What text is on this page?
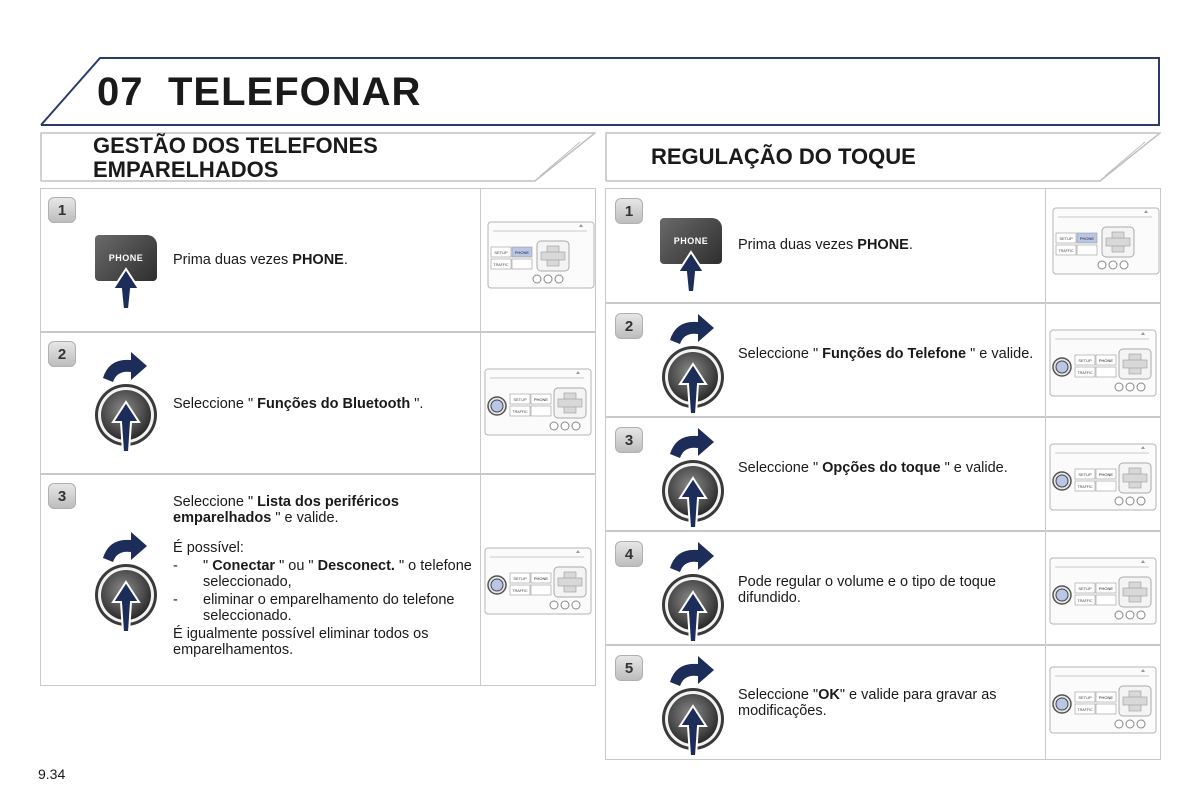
07 TELEFONAR
GESTÃO DOS TELEFONES
EMPARELHADOS
REGULAÇÃO DO TOQUE
1
PHONE	Prima duas vezes PHONE.	SETUP PHONE
TRAFFIC
2
Seleccione " Funções do Bluetooth ".	SETUP PHONE
TRAFFIC
3	Seleccione " Lista dos periféricos emparelhados " e valide.

É possível:

- " Conectar " ou " Desconect. " o telefone seleccionado,

- eliminar o emparelhamento do telefone seleccionado.

É igualmente possível eliminar todos os emparelhamentos.

SETUP PHONE
TRAFFIC
1
PHONE	Prima duas vezes PHONE.	SETUP PHONE
TRAFFIC
2
Seleccione " Funções do Telefone " e valide.	SETUP PHONE
TRAFFIC
3
Seleccione " Opções do toque " e valide.	SETUP PHONE
TRAFFIC
4
Pode regular o volume e o tipo de toque difundido.
SETUP PHONE
TRAFFIC
5
Seleccione "OK" e valide para gravar as modificações.
SETUP PHONE
TRAFFIC
9.34
